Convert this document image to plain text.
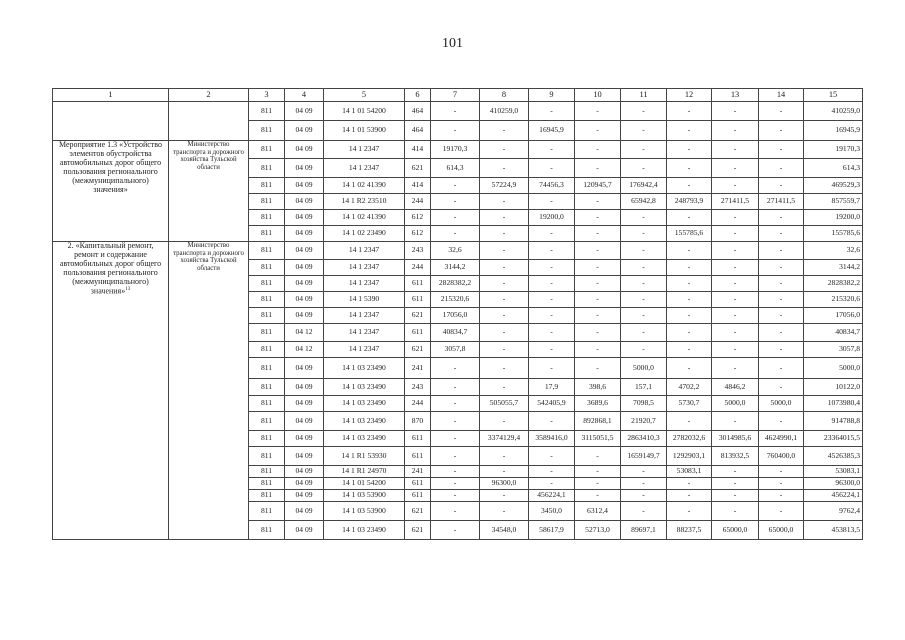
101
1	2	3	4	5	6	7	8	9	10	11	12	13	14	15
		811	04 09	14 1 01 54200	464	-	410259,0	-	-	-	-	-	-	410259,0
		811	04 09	14 1 01 53900	464	-	-	16945,9	-	-	-	-	-	16945,9
Мероприятие 1.3 «Устройство элементов обустройства автомобильных дорог общего пользования регионального (межмуниципального) значения»	Министерство транспорта и дорожного хозяйства Тульской области	811	04 09	14 1 2347	414	19170,3	-	-	-	-	-	-	-	19170,3
		811	04 09	14 1 2347	621	614,3	-	-	-	-	-	-	-	614,3
		811	04 09	14 1 02 41390	414	-	57224,9	74456,3	120945,7	176942,4	-	-	-	469529,3
		811	04 09	14 1 R2 23510	244	-	-	-	-	65942,8	248793,9	271411,5	271411,5	857559,7
		811	04 09	14 1 02 41390	612	-	-	19200,0	-	-	-	-	-	19200,0
		811	04 09	14 1 02 23490	612	-	-	-	-	-	155785,6	-	-	155785,6
2. «Капитальный ремонт, ремонт и содержание автомобильных дорог общего пользования регионального (межмуниципального) значения»$^{13}$	Министерство транспорта и дорожного хозяйства Тульской области	811	04 09	14 1 2347	243	32,6	-	-	-	-	-	-	-	32,6
		811	04 09	14 1 2347	244	3144,2	-	-	-	-	-	-	-	3144,2
		811	04 09	14 1 2347	611	2828382,2	-	-	-	-	-	-	-	2828382,2
		811	04 09	14 1 5390	611	215320,6	-	-	-	-	-	-	-	215320,6
		811	04 09	14 1 2347	621	17056,0	-	-	-	-	-	-	-	17056,0
		811	04 12	14 1 2347	611	40834,7	-	-	-	-	-	-	-	40834,7
		811	04 12	14 1 2347	621	3057,8	-	-	-	-	-	-	-	3057,8
		811	04 09	14 1 03 23490	241	-	-	-	-	5000,0	-	-	-	5000,0
		811	04 09	14 1 03 23490	243	-	-	17,9	398,6	157,1	4702,2	4846,2	-	10122,0
		811	04 09	14 1 03 23490	244	-	505055,7	542405,9	3689,6	7098,5	5730,7	5000,0	5000,0	1073980,4
		811	04 09	14 1 03 23490	870	-	-	-	892868,1	21920,7	-	-	-	914788,8
		811	04 09	14 1 03 23490	611	-	3374129,4	3589416,0	3115051,5	2863410,3	2782032,6	3014985,6	4624990,1	23364015,5
		811	04 09	14 1 R1 53930	611	-	-	-	-	1659149,7	1292903,1	813932,5	760400,0	4526385,3
		811	04 09	14 1 R1 24970	241	-	-	-	-	-	53083,1	-	-	53083,1
		811	04 09	14 1 01 54200	611	-	96300,0	-	-	-	-	-	-	96300,0
		811	04 09	14 1 03 53900	611	-	-	456224,1	-	-	-	-	-	456224,1
		811	04 09	14 1 03 53900	621	-	-	3450,0	6312,4	-	-	-	-	9762,4
		811	04 09	14 1 03 23490	621	-	34548,0	58617,9	52713,0	89697,1	88237,5	65000,0	65000,0	453813,5
